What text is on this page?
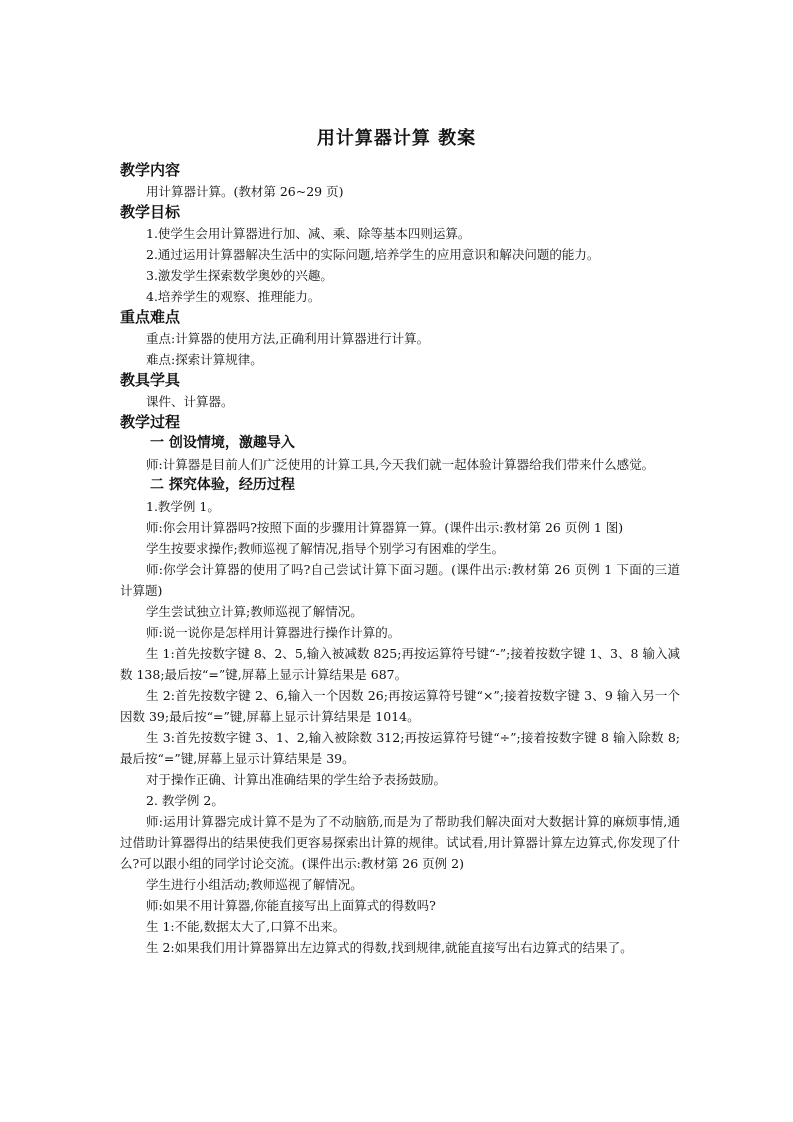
用计算器计算 教案
教学内容
用计算器计算。(教材第 26~29 页)
教学目标
1.使学生会用计算器进行加、减、乘、除等基本四则运算。
2.通过运用计算器解决生活中的实际问题,培养学生的应用意识和解决问题的能力。
3.激发学生探索数学奥妙的兴趣。
4.培养学生的观察、推理能力。
重点难点
重点:计算器的使用方法,正确利用计算器进行计算。
难点:探索计算规律。
教具学具
课件、计算器。
教学过程
一 创设情境，激趣导入
师:计算器是目前人们广泛使用的计算工具,今天我们就一起体验计算器给我们带来什么感觉。
二 探究体验，经历过程
1.教学例 1。
师:你会用计算器吗?按照下面的步骤用计算器算一算。(课件出示:教材第 26 页例 1 图)
学生按要求操作;教师巡视了解情况,指导个别学习有困难的学生。
师:你学会计算器的使用了吗?自己尝试计算下面习题。(课件出示:教材第 26 页例 1 下面的三道计算题)
学生尝试独立计算;教师巡视了解情况。
师:说一说你是怎样用计算器进行操作计算的。
生 1:首先按数字键 8、2、5,输入被减数 825;再按运算符号键“-”;接着按数字键 1、3、8 输入减数 138;最后按“=”键,屏幕上显示计算结果是 687。
生 2:首先按数字键 2、6,输入一个因数 26;再按运算符号键“×”;接着按数字键 3、9 输入另一个因数 39;最后按“=”键,屏幕上显示计算结果是 1014。
生 3:首先按数字键 3、1、2,输入被除数 312;再按运算符号键“÷”;接着按数字键 8 输入除数 8;最后按“=”键,屏幕上显示计算结果是 39。
对于操作正确、计算出准确结果的学生给予表扬鼓励。
2. 教学例 2。
师:运用计算器完成计算不是为了不动脑筋,而是为了帮助我们解决面对大数据计算的麻烦事情,通过借助计算器得出的结果使我们更容易探索出计算的规律。试试看,用计算器计算左边算式,你发现了什么?可以跟小组的同学讨论交流。(课件出示:教材第 26 页例 2)
学生进行小组活动;教师巡视了解情况。
师:如果不用计算器,你能直接写出上面算式的得数吗?
生 1:不能,数据太大了,口算不出来。
生 2:如果我们用计算器算出左边算式的得数,找到规律,就能直接写出右边算式的结果了。
